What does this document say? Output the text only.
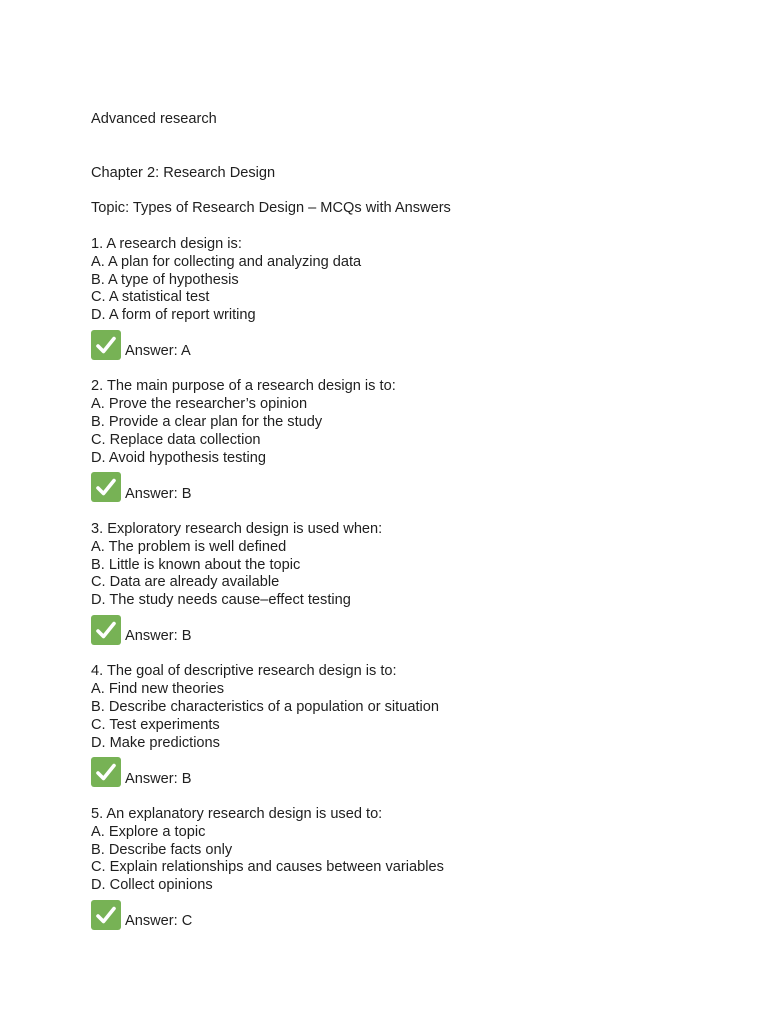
Advanced research
Chapter 2: Research Design
Topic: Types of Research Design – MCQs with Answers
1. A research design is:
A. A plan for collecting and analyzing data
B. A type of hypothesis
C. A statistical test
D. A form of report writing
Answer: A
2. The main purpose of a research design is to:
A. Prove the researcher’s opinion
B. Provide a clear plan for the study
C. Replace data collection
D. Avoid hypothesis testing
Answer: B
3. Exploratory research design is used when:
A. The problem is well defined
B. Little is known about the topic
C. Data are already available
D. The study needs cause–effect testing
Answer: B
4. The goal of descriptive research design is to:
A. Find new theories
B. Describe characteristics of a population or situation
C. Test experiments
D. Make predictions
Answer: B
5. An explanatory research design is used to:
A. Explore a topic
B. Describe facts only
C. Explain relationships and causes between variables
D. Collect opinions
Answer: C
